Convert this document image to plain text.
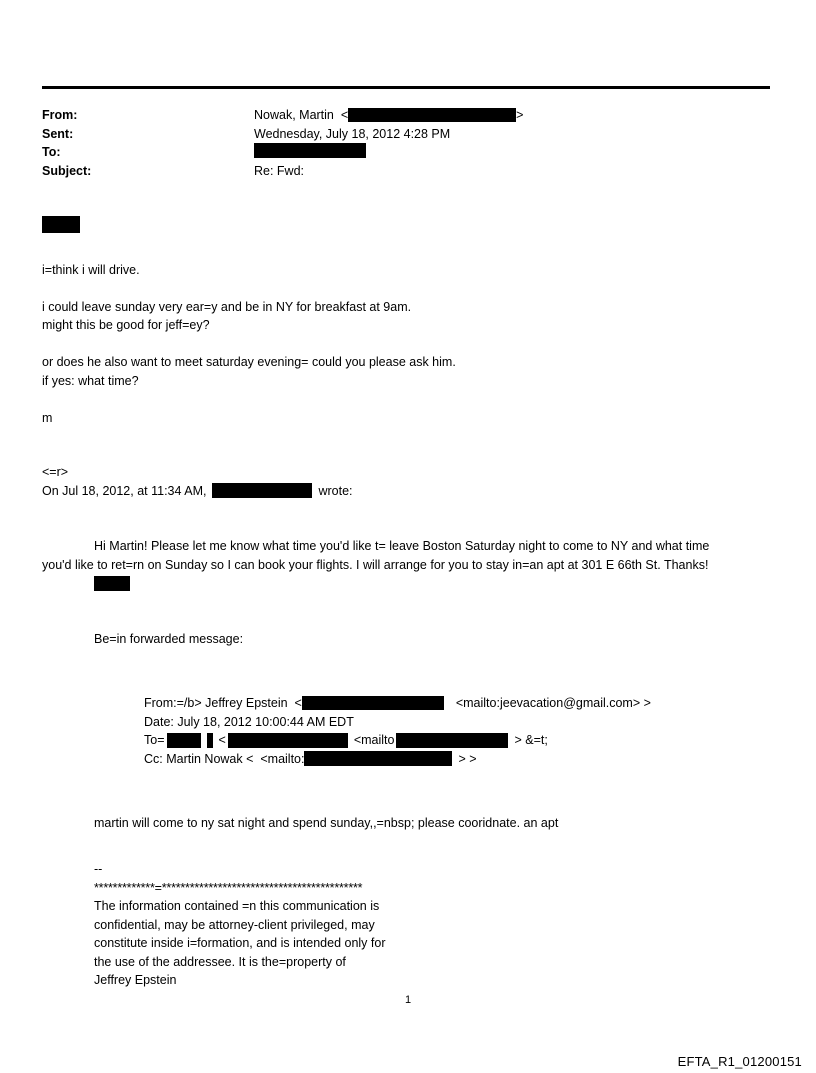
From:	Nowak, Martin  <	>
Sent:	Wednesday, July 18, 2012 4:28 PM
To:
Subject:	Re: Fwd:

i=think i will drive.

i could leave sunday very ear=y and be in NY for breakfast at 9am.

might this be good for jeff=ey?

or does he also want to meet saturday evening= could you please ask him.

if yes: what time?

m

<=r>

On Jul 18, 2012, at 11:34 AM,	wrote:

Hi Martin! Please let me know what time you'd like t= leave Boston Saturday night to come to NY and what time

you'd like to ret=rn on Sunday so I can book your flights. I will arrange for you to stay in=an apt at 301 E 66th St. Thanks!

Be=in forwarded message:

From:=/b> Jeffrey Epstein  <	<mailto:jeevacation@gmail.com> >
Date: July 18, 2012 10:00:44 AM EDT
To=	<	<mailto	> &=t;
Cc: Martin Nowak <  <mailto:	> >

martin will come to ny sat night and spend sunday,,=nbsp; please cooridnate. an apt

--

*************=*******************************************

The information contained =n this communication is

confidential, may be attorney-client privileged, may

constitute inside i=formation, and is intended only for

the use of the addressee. It is the=property of

Jeffrey Epstein

1
EFTA_R1_01200151
